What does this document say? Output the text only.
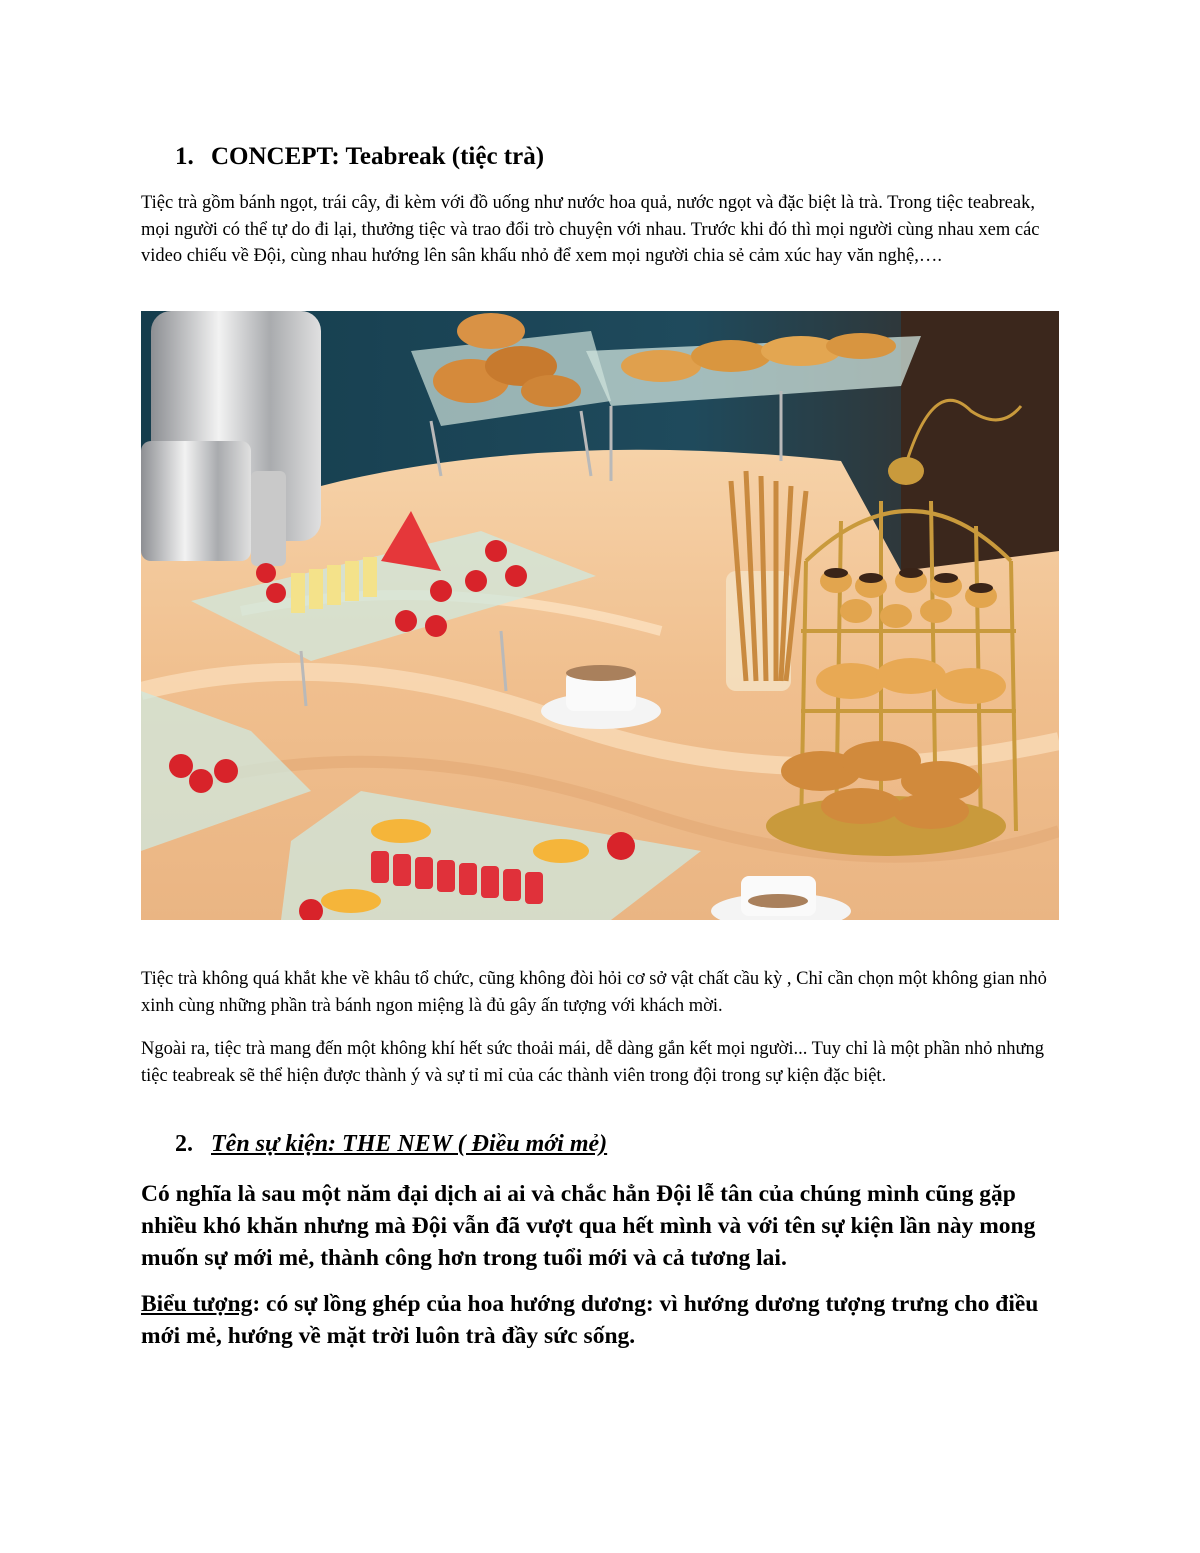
1. CONCEPT: Teabreak (tiệc trà)
Tiệc trà gồm bánh ngọt, trái cây, đi kèm với đồ uống như nước hoa quả, nước ngọt và đặc biệt là trà. Trong tiệc teabreak, mọi người có thể tự do đi lại, thưởng tiệc và trao đổi trò chuyện với nhau. Trước khi đó thì mọi người cùng nhau xem các video chiếu về Đội, cùng nhau hướng lên sân khấu nhỏ để xem mọi người chia sẻ cảm xúc hay văn nghệ,….
Tiệc trà không quá khắt khe về khâu tổ chức, cũng không đòi hỏi cơ sở vật chất cầu kỳ , Chỉ cần chọn một không gian nhỏ xinh cùng những phần trà bánh ngon miệng là đủ gây ấn tượng với khách mời.
Ngoài ra, tiệc trà mang đến một không khí hết sức thoải mái, dễ dàng gắn kết mọi người... Tuy chỉ là một phần nhỏ nhưng tiệc teabreak sẽ thể hiện được thành ý và sự tỉ mỉ của các thành viên trong đội trong sự kiện đặc biệt.
2. Tên sự kiện: THE NEW ( Điều mới mẻ)
Có nghĩa là sau một năm đại dịch ai ai và chắc hẳn Đội lễ tân của chúng mình cũng gặp nhiều khó khăn nhưng mà Đội vẫn đã vượt qua hết mình và với tên sự kiện lần này mong muốn sự mới mẻ, thành công hơn trong tuổi mới và cả tương lai.
Biểu tượng: có sự lồng ghép của hoa hướng dương: vì hướng dương tượng trưng cho điều mới mẻ, hướng về mặt trời luôn trà đầy sức sống.
